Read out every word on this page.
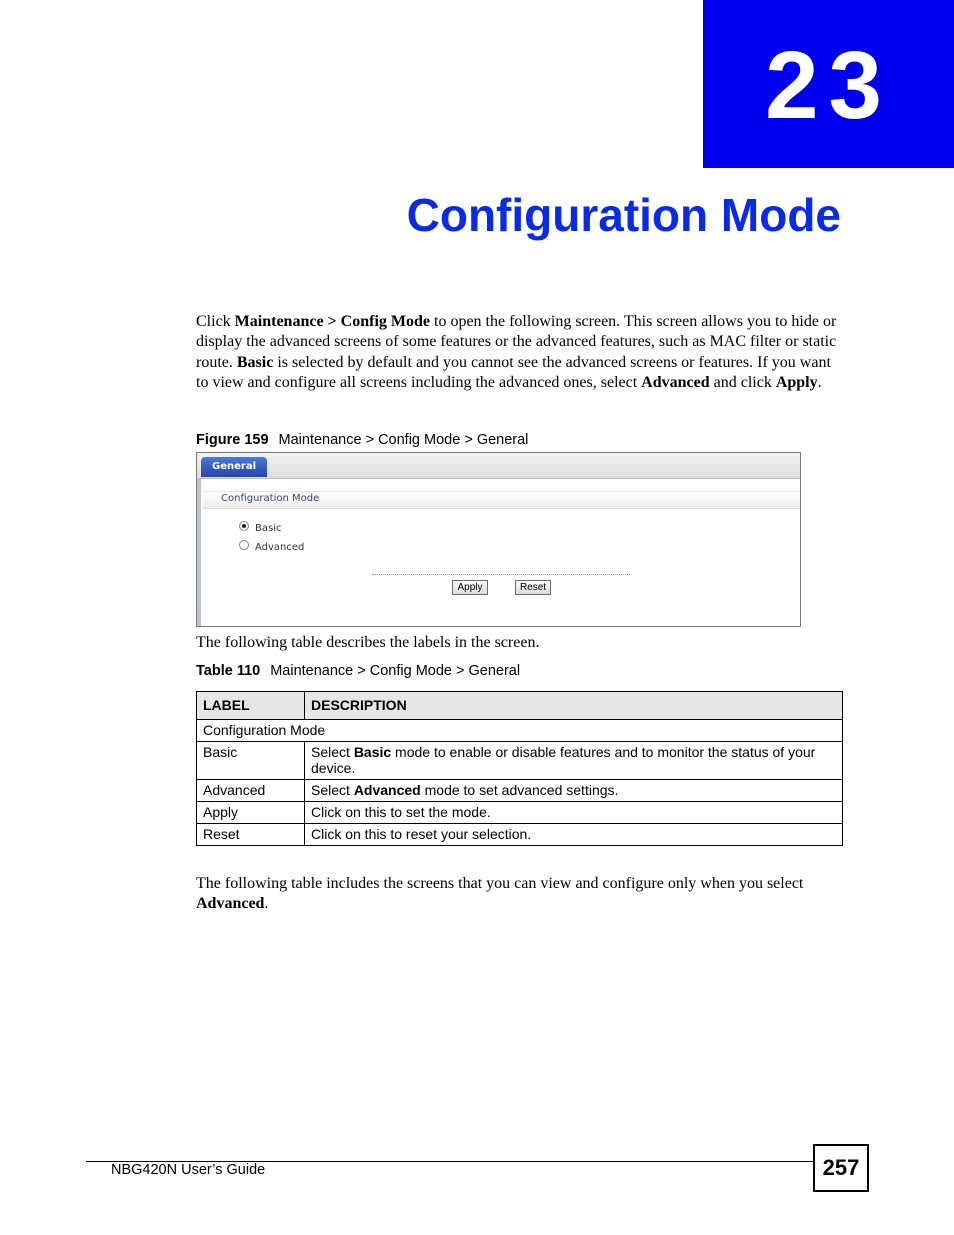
23
Configuration Mode

Click Maintenance > Config Mode to open the following screen. This screen allows you to hide or display the advanced screens of some features or the advanced features, such as MAC filter or static route. Basic is selected by default and you cannot see the advanced screens or features. If you want to view and configure all screens including the advanced ones, select Advanced and click Apply.

Figure 159 Maintenance > Config Mode > General
General
Configuration Mode
Basic
Advanced
Apply	Reset
The following table describes the labels in the screen.
Table 110 Maintenance > Config Mode > General
LABEL	DESCRIPTION
Configuration Mode	
Basic	Select Basic mode to enable or disable features and to monitor the status of your device.
Advanced	Select Advanced mode to set advanced settings.
Apply	Click on this to set the mode.
Reset	Click on this to reset your selection.

The following table includes the screens that you can view and configure only when you select Advanced.

NBG420N User’s Guide	257
